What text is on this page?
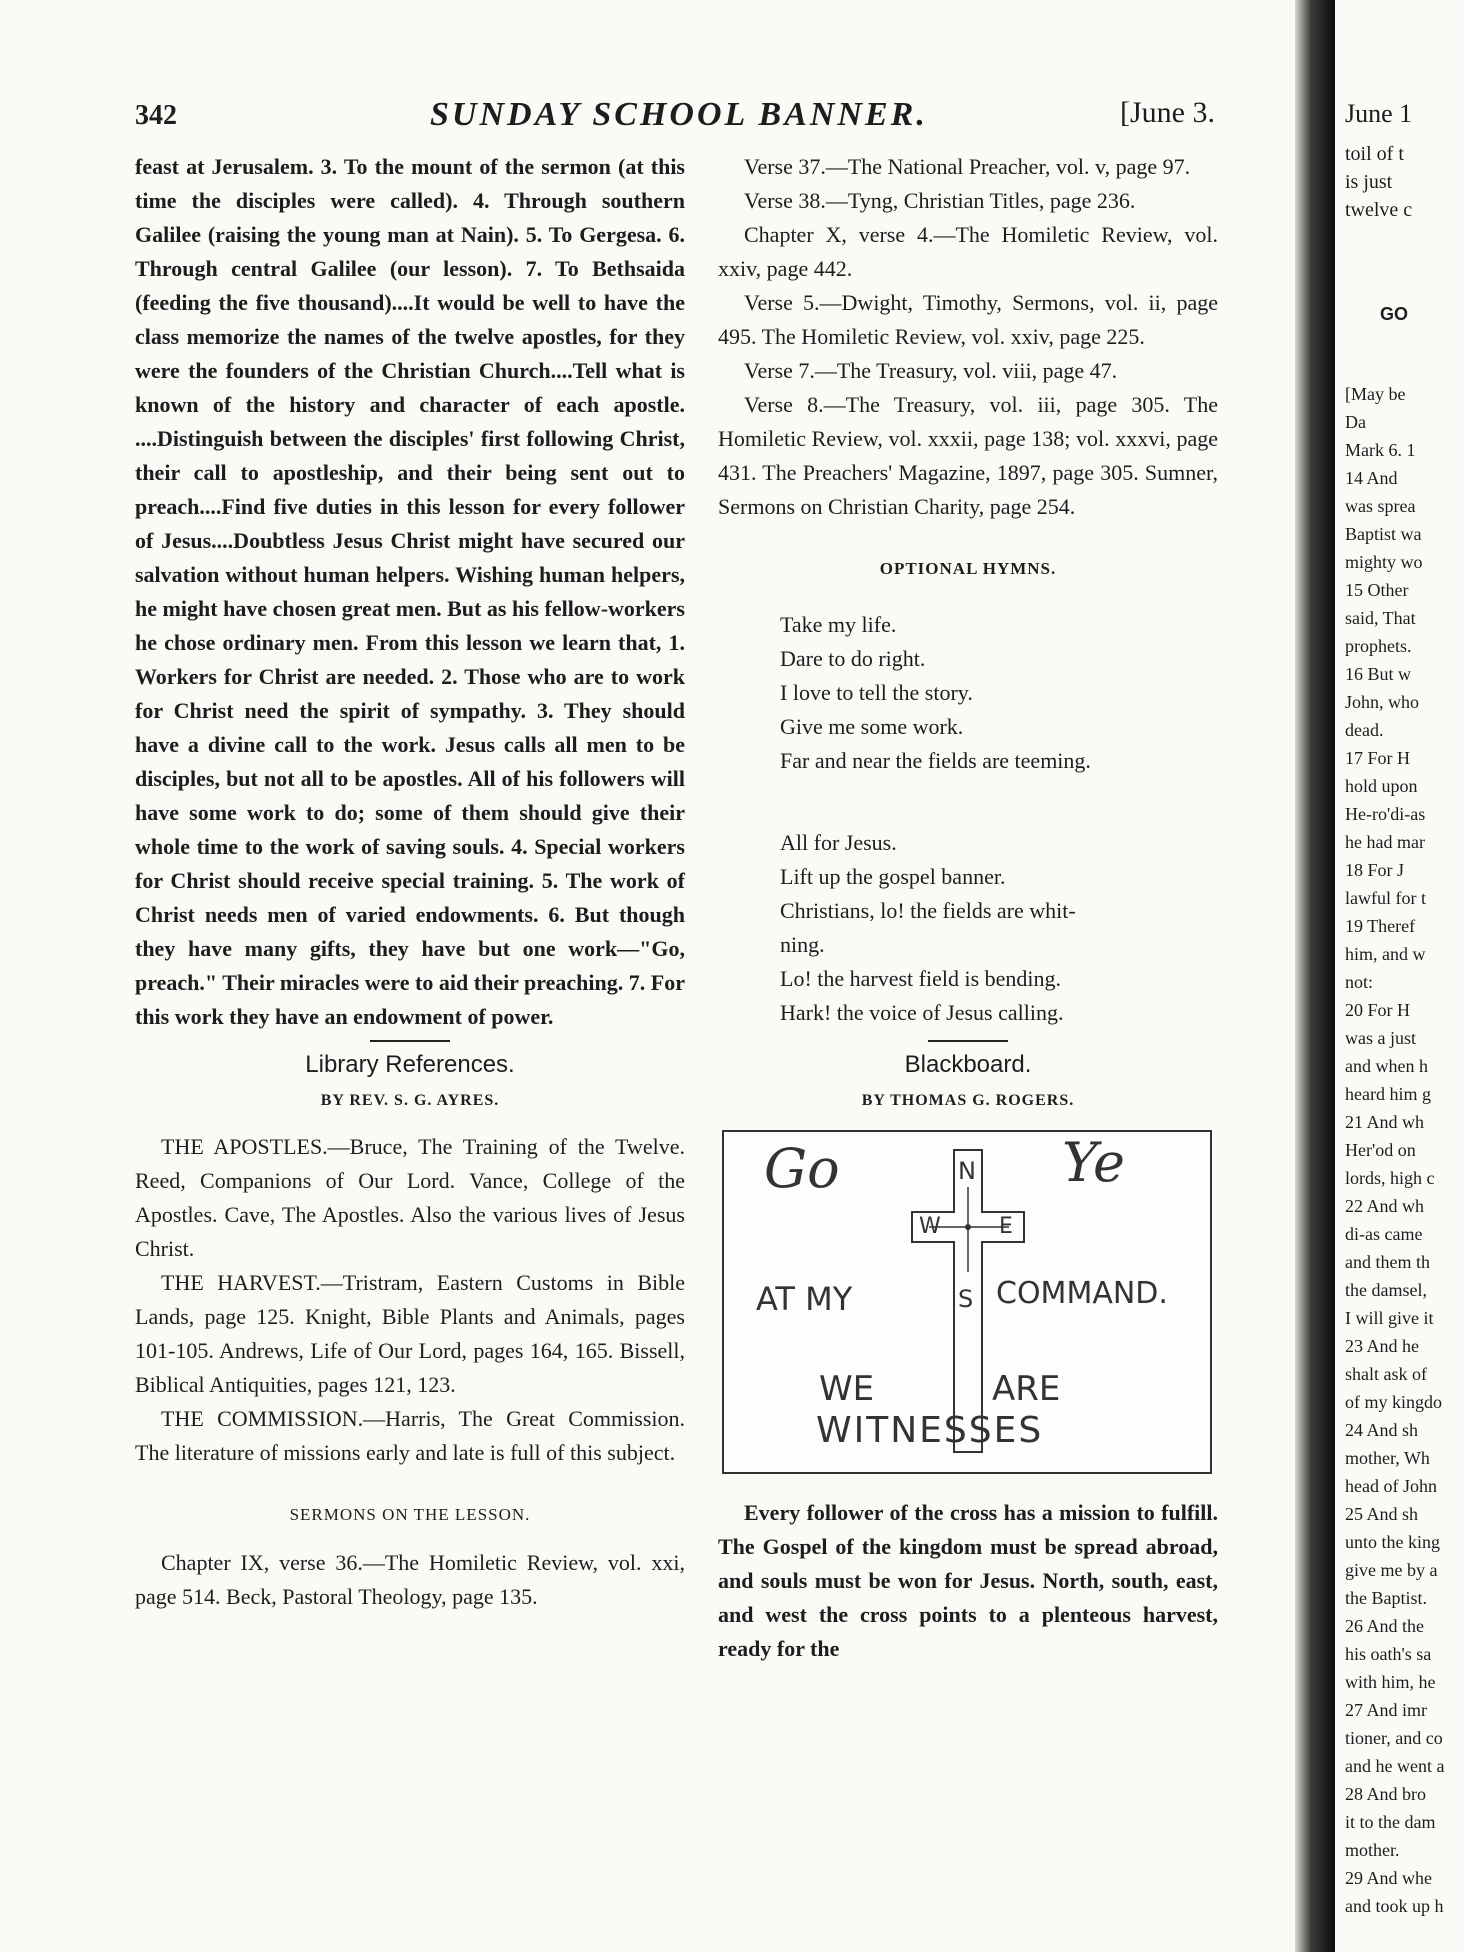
342	SUNDAY SCHOOL BANNER.	[June 3.

feast at Jerusalem. 3. To the mount of the sermon (at this time the disciples were called). 4. Through southern Galilee (raising the young man at Nain). 5. To Gergesa. 6. Through central Galilee (our lesson). 7. To Bethsaida (feeding the five thousand)....It would be well to have the class memorize the names of the twelve apostles, for they were the founders of the Christian Church....Tell what is known of the history and character of each apostle. ....Distinguish between the disciples' first following Christ, their call to apostleship, and their being sent out to preach....Find five duties in this lesson for every follower of Jesus....Doubtless Jesus Christ might have secured our salvation without human helpers. Wishing human helpers, he might have chosen great men. But as his fellow-workers he chose ordinary men. From this lesson we learn that, 1. Workers for Christ are needed. 2. Those who are to work for Christ need the spirit of sympathy. 3. They should have a divine call to the work. Jesus calls all men to be disciples, but not all to be apostles. All of his followers will have some work to do; some of them should give their whole time to the work of saving souls. 4. Special workers for Christ should receive special training. 5. The work of Christ needs men of varied endowments. 6. But though they have many gifts, they have but one work—"Go, preach." Their miracles were to aid their preaching. 7. For this work they have an endowment of power.

Library References.
BY REV. S. G. AYRES.

THE APOSTLES.—Bruce, The Training of the Twelve. Reed, Companions of Our Lord. Vance, College of the Apostles. Cave, The Apostles. Also the various lives of Jesus Christ.

THE HARVEST.—Tristram, Eastern Customs in Bible Lands, page 125. Knight, Bible Plants and Animals, pages 101-105. Andrews, Life of Our Lord, pages 164, 165. Bissell, Biblical Antiquities, pages 121, 123.

THE COMMISSION.—Harris, The Great Commission. The literature of missions early and late is full of this subject.

SERMONS ON THE LESSON.

Chapter IX, verse 36.—The Homiletic Review, vol. xxi, page 514. Beck, Pastoral Theology, page 135.

Verse 37.—The National Preacher, vol. v, page 97.

Verse 38.—Tyng, Christian Titles, page 236.

Chapter X, verse 4.—The Homiletic Review, vol. xxiv, page 442.

Verse 5.—Dwight, Timothy, Sermons, vol. ii, page 495. The Homiletic Review, vol. xxiv, page 225.

Verse 7.—The Treasury, vol. viii, page 47.

Verse 8.—The Treasury, vol. iii, page 305. The Homiletic Review, vol. xxxii, page 138; vol. xxxvi, page 431. The Preachers' Magazine, 1897, page 305. Sumner, Sermons on Christian Charity, page 254.

OPTIONAL HYMNS.
Take my life.
Dare to do right.
I love to tell the story.
Give me some work.
Far and near the fields are teeming.
All for Jesus.
Lift up the gospel banner.
Christians, lo! the fields are whit-
ning.
Lo! the harvest field is bending.
Hark! the voice of Jesus calling.
Blackboard.
BY THOMAS G. ROGERS.
Go	Ye
N
W	E
S
AT MY	COMMAND.
WE	ARE
WITNESSES

Every follower of the cross has a mission to fulfill. The Gospel of the kingdom must be spread abroad, and souls must be won for Jesus. North, south, east, and west the cross points to a plenteous harvest, ready for the

June 1
toil of t
is just
twelve c
GO
[May be
Da
Mark 6. 1
14 And
was sprea
Baptist wa
mighty wo
15 Other
said, That
prophets.
16 But w
John, who
dead.
17 For H
hold upon
He-ro'di-as
he had mar
18 For J
lawful for t
19 Theref
him, and w
not:
20 For H
was a just
and when h
heard him g
21 And wh
Her'od on
lords, high c
22 And wh
di-as came
and them th
the damsel,
I will give it
23 And he
shalt ask of
of my kingdo
24 And sh
mother, Wh
head of John
25 And sh
unto the king
give me by a
the Baptist.
26 And the
his oath's sa
with him, he
27 And imr
tioner, and co
and he went a
28 And bro
it to the dam
mother.
29 And whe
and took up h
